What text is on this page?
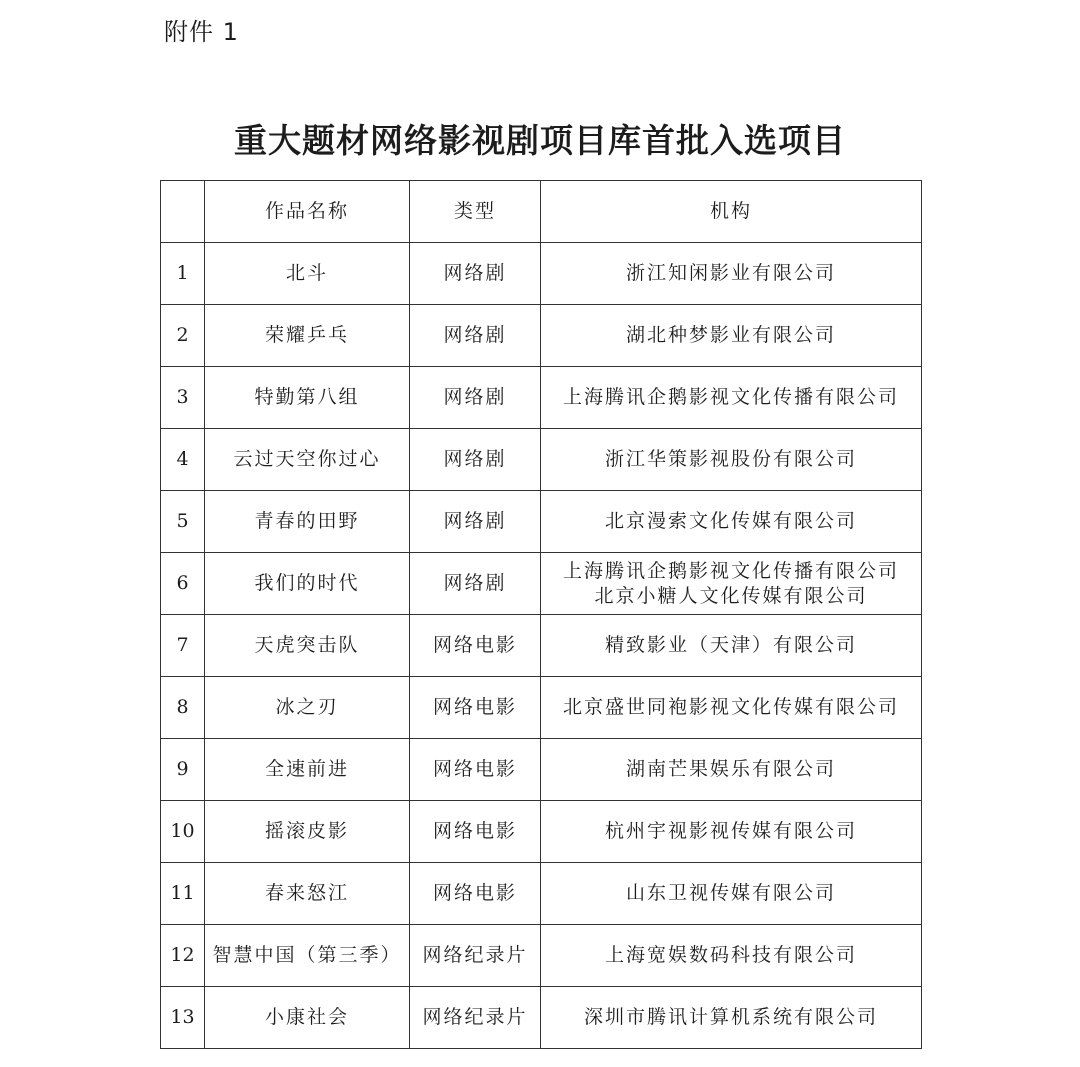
附件 1
重大题材网络影视剧项目库首批入选项目
	作品名称	类型	机构
1	北斗	网络剧	浙江知闲影业有限公司

2	荣耀乒乓	网络剧	湖北种梦影业有限公司

3	特勤第八组	网络剧	上海腾讯企鹅影视文化传播有限公司

4	云过天空你过心	网络剧	浙江华策影视股份有限公司

5	青春的田野	网络剧	北京漫索文化传媒有限公司

6	我们的时代	网络剧	上海腾讯企鹅影视文化传播有限公司
北京小糖人文化传媒有限公司

7	天虎突击队	网络电影	精致影业（天津）有限公司

8	冰之刃	网络电影	北京盛世同袍影视文化传媒有限公司

9	全速前进	网络电影	湖南芒果娱乐有限公司

10	摇滚皮影	网络电影	杭州宇视影视传媒有限公司

11	春来怒江	网络电影	山东卫视传媒有限公司

12	智慧中国（第三季）	网络纪录片	上海宽娱数码科技有限公司

13	小康社会	网络纪录片	深圳市腾讯计算机系统有限公司
